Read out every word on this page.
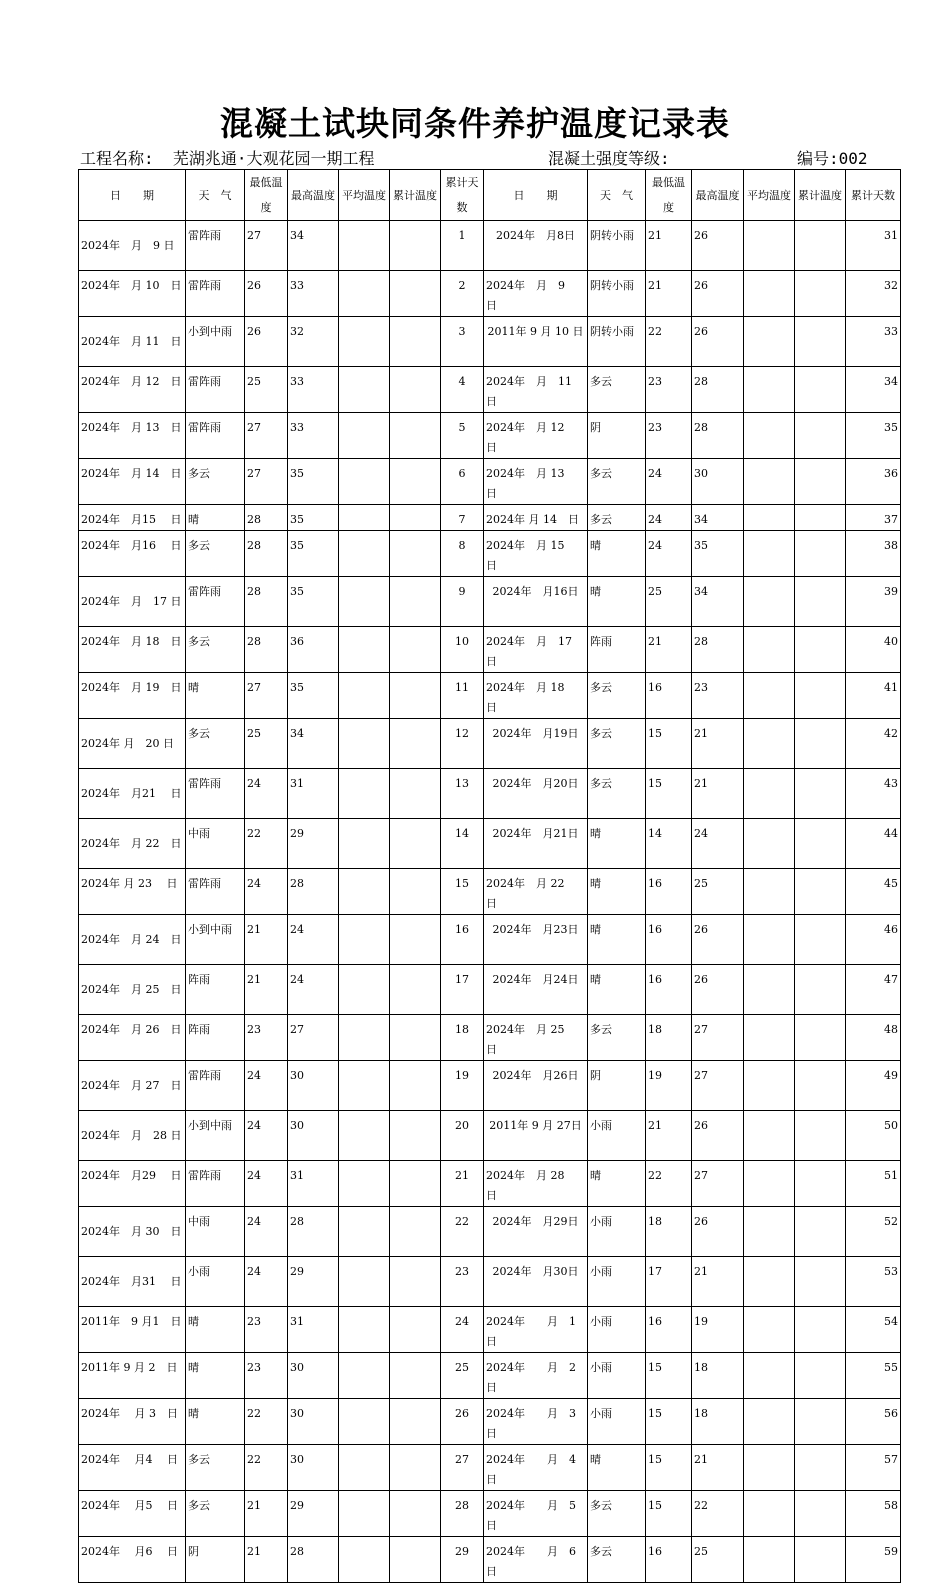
混凝土试块同条件养护温度记录表
工程名称: 芜湖兆通·大观花园一期工程	混凝土强度等级:	编号:002
日　　期	天　气	最低温度	最高温度	平均温度	累计温度	累计天数	日　　期	天　气	最低温度	最高温度	平均温度	累计温度	累计天数
2024年　月　9 日	雷阵雨	27	34			1	2024年　月8日	阴转小雨	21	26			31
2024年　月 10　日	雷阵雨	26	33			2	2024年　月　9　日	阴转小雨	21	26			32
2024年　月 11　日	小到中雨	26	32			3	2011年 9 月 10 日	阴转小雨	22	26			33
2024年　月 12　日	雷阵雨	25	33			4	2024年　月　11 日	多云	23	28			34
2024年　月 13　日	雷阵雨	27	33			5	2024年　月 12　日	阴	23	28			35
2024年　月 14　日	多云	27	35			6	2024年　月 13　日	多云	24	30			36
2024年　月15　 日	晴	28	35			7	2024年 月 14　日	多云	24	34			37
2024年　月16　 日	多云	28	35			8	2024年　月 15　日	晴	24	35			38
2024年　月　17 日	雷阵雨	28	35			9	2024年　月16日	晴	25	34			39
2024年　月 18　日	多云	28	36			10	2024年　月　17　日	阵雨	21	28			40
2024年　月 19　日	晴	27	35			11	2024年　月 18　日	多云	16	23			41
2024年 月　20 日	多云	25	34			12	2024年　月19日	多云	15	21			42
2024年　月21　 日	雷阵雨	24	31			13	2024年　月20日	多云	15	21			43
2024年　月 22　日	中雨	22	29			14	2024年　月21日	晴	14	24			44
2024年 月 23　 日	雷阵雨	24	28			15	2024年　月 22　日	晴	16	25			45
2024年　月 24　日	小到中雨	21	24			16	2024年　月23日	晴	16	26			46
2024年　月 25　日	阵雨	21	24			17	2024年　月24日	晴	16	26			47
2024年　月 26　日	阵雨	23	27			18	2024年　月 25　日	多云	18	27			48
2024年　月 27　日	雷阵雨	24	30			19	2024年　月26日	阴	19	27			49
2024年　月　28 日	小到中雨	24	30			20	2011年 9 月 27日	小雨	21	26			50
2024年　月29　 日	雷阵雨	24	31			21	2024年　月 28　日	晴	22	27			51
2024年　月 30　日	中雨	24	28			22	2024年　月29日	小雨	18	26			52
2024年　月31　 日	小雨	24	29			23	2024年　月30日	小雨	17	21			53
2011年　9 月1　日	晴	23	31			24	2024年　　月　1　日	小雨	16	19			54
2011年 9 月 2　日	晴	23	30			25	2024年　　月　2　日	小雨	15	18			55
2024年　 月 3　日	晴	22	30			26	2024年　　月　3　日	小雨	15	18			56
2024年　 月4　 日	多云	22	30			27	2024年　　月　4　日	晴	15	21			57
2024年　 月5　 日	多云	21	29			28	2024年　　月　5　日	多云	15	22			58
2024年　 月6　 日	阴	21	28			29	2024年　　月　6　日	多云	16	25			59
